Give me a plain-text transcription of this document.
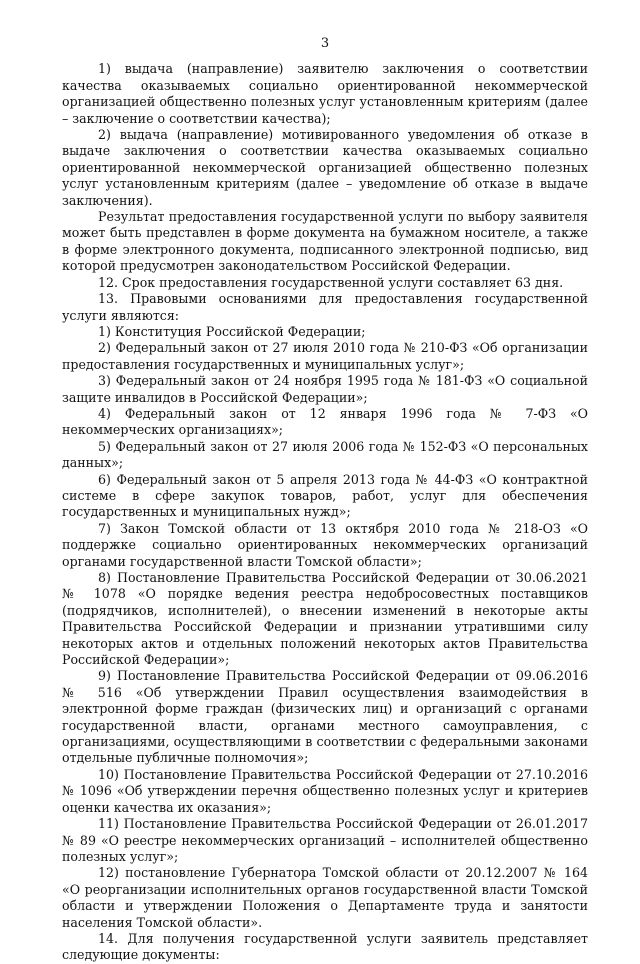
3

1) выдача (направление) заявителю заключения о соответствии качества оказываемых социально ориентированной некоммерческой организацией общественно полезных услуг установленным критериям (далее – заключение о соответствии качества);

2) выдача (направление) мотивированного уведомления об отказе в выдаче заключения о соответствии качества оказываемых социально ориентированной некоммерческой организацией общественно полезных услуг установленным критериям (далее – уведомление об отказе в выдаче заключения).

Результат предоставления государственной услуги по выбору заявителя может быть представлен в форме документа на бумажном носителе, а также в форме электронного документа, подписанного электронной подписью, вид которой предусмотрен законодательством Российской Федерации.

12. Срок предоставления государственной услуги составляет 63 дня.

13. Правовыми основаниями для предоставления государственной услуги являются:

1) Конституция Российской Федерации;

2) Федеральный закон от 27 июля 2010 года № 210-ФЗ «Об организации предоставления государственных и муниципальных услуг»;

3) Федеральный закон от 24 ноября 1995 года № 181-ФЗ «О социальной защите инвалидов в Российской Федерации»;

4) Федеральный закон от 12 января 1996 года № 7-ФЗ «О некоммерческих организациях»;

5) Федеральный закон от 27 июля 2006 года № 152-ФЗ «О персональных данных»;

6) Федеральный закон от 5 апреля 2013 года № 44-ФЗ «О контрактной системе в сфере закупок товаров, работ, услуг для обеспечения государственных и муниципальных нужд»;

7) Закон Томской области от 13 октября 2010 года № 218-ОЗ «О поддержке социально ориентированных некоммерческих организаций органами государственной власти Томской области»;

8) Постановление Правительства Российской Федерации от 30.06.2021 № 1078 «О порядке ведения реестра недобросовестных поставщиков (подрядчиков, исполнителей), о внесении изменений в некоторые акты Правительства Российской Федерации и признании утратившими силу некоторых актов и отдельных положений некоторых актов Правительства Российской Федерации»;

9) Постановление Правительства Российской Федерации от 09.06.2016 № 516 «Об утверждении Правил осуществления взаимодействия в электронной форме граждан (физических лиц) и организаций с органами государственной власти, органами местного самоуправления, с организациями, осуществляющими в соответствии с федеральными законами отдельные публичные полномочия»;

10) Постановление Правительства Российской Федерации от 27.10.2016 № 1096 «Об утверждении перечня общественно полезных услуг и критериев оценки качества их оказания»;

11) Постановление Правительства Российской Федерации от 26.01.2017 № 89 «О реестре некоммерческих организаций – исполнителей общественно полезных услуг»;

12) постановление Губернатора Томской области от 20.12.2007 № 164 «О реорганизации исполнительных органов государственной власти Томской области и утверждении Положения о Департаменте труда и занятости населения Томской области».

14. Для получения государственной услуги заявитель представляет следующие документы:
